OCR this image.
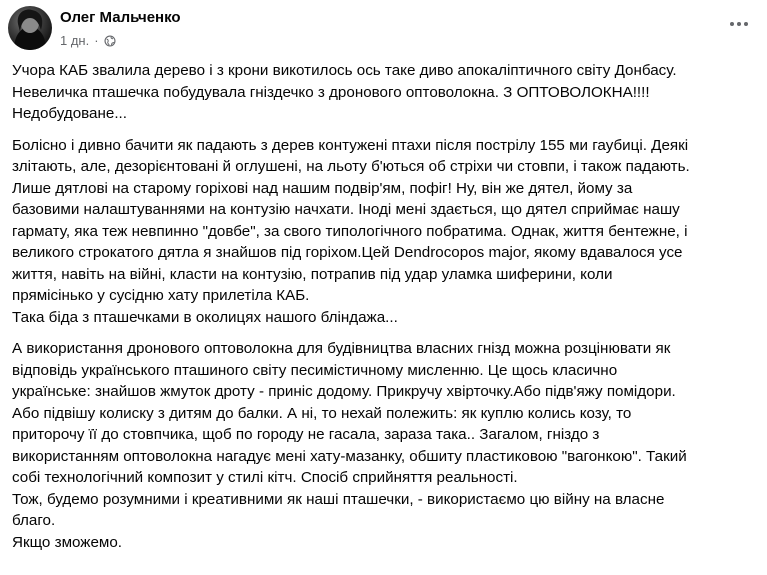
Олег Мальченко
1 дн. ·
Учора КАБ звалила дерево і з крони викотилось ось таке диво апокаліптичного світу Донбасу.
Невеличка пташечка побудувала гніздечко з дронового оптоволокна. З ОПТОВОЛОКНА!!!!
Недобудоване...
Болісно і дивно бачити як падають з дерев контужені птахи після пострілу 155 ми гаубиці. Деякі
злітають, але, дезорієнтовані й оглушені, на льоту б'ються об стріхи чи стовпи, і також падають.
Лише дятлові на старому горіхові над нашим подвір'ям, пофіг! Ну, він же дятел, йому за
базовими налаштуваннями на контузію начхати. Іноді мені здається, що дятел сприймає нашу
гармату, яка теж невпинно "довбе", за свого типологічного побратима. Однак, життя бентежне, і
великого строкатого дятла я знайшов під горіхом.Цей Dendrocopos major, якому вдавалося усе
життя, навіть на війні, класти на контузію, потрапив під удар уламка шиферини, коли
прямісінько у сусідню хату прилетіла КАБ.
Така біда з пташечками в околицях нашого бліндажа...
А використання дронового оптоволокна для будівництва власних гнізд можна розцінювати як
відповідь українського пташиного світу песимістичному мисленню. Це щось класично
українське: знайшов жмуток дроту - приніс додому. Прикручу хвірточку.Або підв'яжу помідори.
Або підвішу колиску з дитям до балки. А ні, то нехай полежить: як куплю колись козу, то
приторочу її до стовпчика, щоб по городу не гасала, зараза така.. Загалом, гніздо з
використанням оптоволокна нагадує мені хату-мазанку, обшиту пластиковою "вагонкою". Такий
собі технологічний композит у стилі кітч. Спосіб сприйняття реальності.
Тож, будемо розумними і креативними як наші пташечки, - використаємо цю війну на власне
благо.
Якщо зможемо.
